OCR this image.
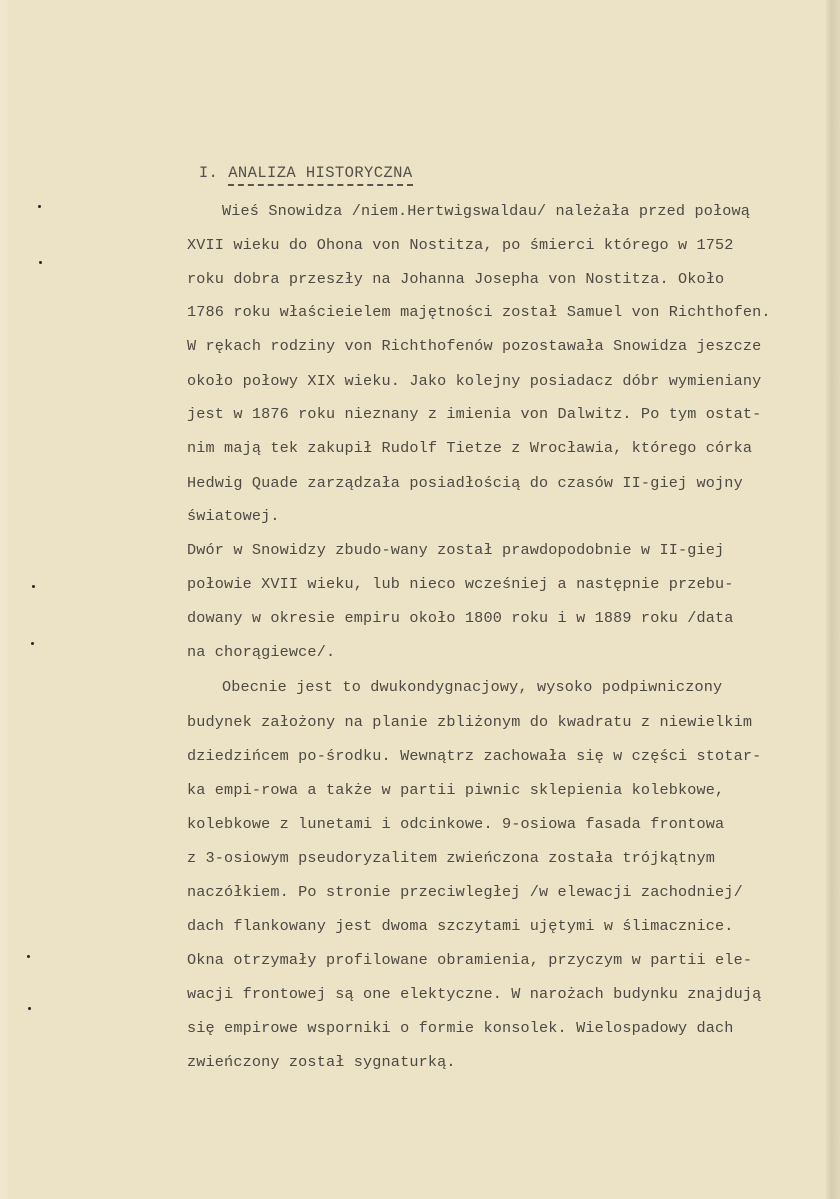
I. ANALIZA HISTORYCZNA

Wieś Snowidza /niem.Hertwigswaldau/ należała przed połową
XVII wieku do Ohona von Nostitza, po śmierci którego w 1752
roku dobra przeszły na Johanna Josepha von Nostitza. Około
1786 roku właścieielem majętności został Samuel von Richthofen.
W rękach rodziny von Richthofenów pozostawała Snowidza jeszcze
około połowy XIX wieku. Jako kolejny posiadacz dóbr wymieniany
jest w 1876 roku nieznany z imienia von Dalwitz. Po tym ostat-
nim mają tek zakupił Rudolf Tietze z Wrocławia, którego córka
Hedwig Quade zarządzała posiadłością do czasów II-giej wojny
światowej.
Dwór w Snowidzy zbudo-wany został prawdopodobnie w II-giej
połowie XVII wieku, lub nieco wcześniej a następnie przebu-
dowany w okresie empiru około 1800 roku i w 1889 roku /data
na chorągiewce/.
Obecnie jest to dwukondygnacjowy, wysoko podpiwniczony
budynek założony na planie zbliżonym do kwadratu z niewielkim
dziedzińcem po-środku. Wewnątrz zachowała się w części stotar-
ka empi-rowa a także w partii piwnic sklepienia kolebkowe,
kolebkowe z lunetami i odcinkowe. 9-osiowa fasada frontowa
z 3-osiowym pseudoryzalitem zwieńczona została trójkątnym
naczółkiem. Po stronie przeciwległej /w elewacji zachodniej/
dach flankowany jest dwoma szczytami ujętymi w ślimacznice.
Okna otrzymały profilowane obramienia, przyczym w partii ele-
wacji frontowej są one elektyczne. W narożach budynku znajdują
się empirowe wsporniki o formie konsolek. Wielospadowy dach
zwieńczony został sygnaturką.
